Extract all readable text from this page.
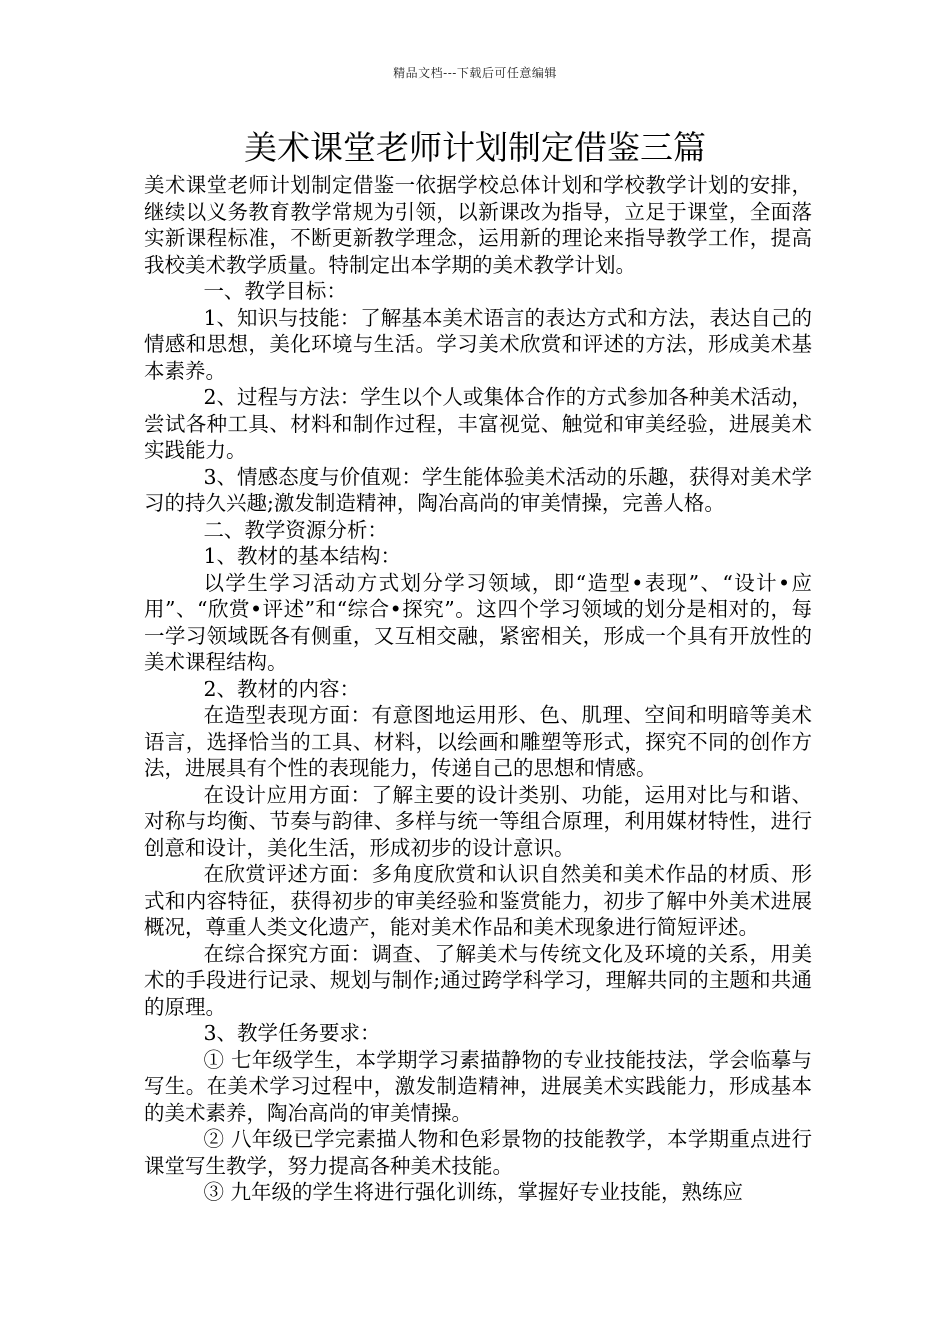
精品文档---下载后可任意编辑
美术课堂老师计划制定借鉴三篇

美术课堂老师计划制定借鉴一依据学校总体计划和学校教学计划的安排，继续以义务教育教学常规为引领，以新课改为指导，立足于课堂，全面落实新课程标准，不断更新教学理念，运用新的理论来指导教学工作，提高我校美术教学质量。特制定出本学期的美术教学计划。

一、教学目标：

1、知识与技能：了解基本美术语言的表达方式和方法，表达自己的情感和思想，美化环境与生活。学习美术欣赏和评述的方法，形成美术基本素养。

2、过程与方法：学生以个人或集体合作的方式参加各种美术活动，尝试各种工具、材料和制作过程，丰富视觉、触觉和审美经验，进展美术实践能力。

3、情感态度与价值观：学生能体验美术活动的乐趣，获得对美术学习的持久兴趣;激发制造精神，陶冶高尚的审美情操，完善人格。

二、教学资源分析：

1、教材的基本结构：

以学生学习活动方式划分学习领域，即“造型•表现”、“设计•应用”、“欣赏•评述”和“综合•探究”。这四个学习领域的划分是相对的，每一学习领域既各有侧重，又互相交融，紧密相关，形成一个具有开放性的美术课程结构。

2、教材的内容：

在造型表现方面：有意图地运用形、色、肌理、空间和明暗等美术语言，选择恰当的工具、材料，以绘画和雕塑等形式，探究不同的创作方法，进展具有个性的表现能力，传递自己的思想和情感。

在设计应用方面：了解主要的设计类别、功能，运用对比与和谐、对称与均衡、节奏与韵律、多样与统一等组合原理，利用媒材特性，进行创意和设计，美化生活，形成初步的设计意识。

在欣赏评述方面：多角度欣赏和认识自然美和美术作品的材质、形式和内容特征，获得初步的审美经验和鉴赏能力，初步了解中外美术进展概况，尊重人类文化遗产，能对美术作品和美术现象进行简短评述。

在综合探究方面：调查、了解美术与传统文化及环境的关系，用美术的手段进行记录、规划与制作;通过跨学科学习，理解共同的主题和共通的原理。

3、教学任务要求：

① 七年级学生，本学期学习素描静物的专业技能技法，学会临摹与写生。在美术学习过程中，激发制造精神，进展美术实践能力，形成基本的美术素养，陶冶高尚的审美情操。

② 八年级已学完素描人物和色彩景物的技能教学，本学期重点进行课堂写生教学，努力提高各种美术技能。

③ 九年级的学生将进行强化训练，掌握好专业技能，熟练应
